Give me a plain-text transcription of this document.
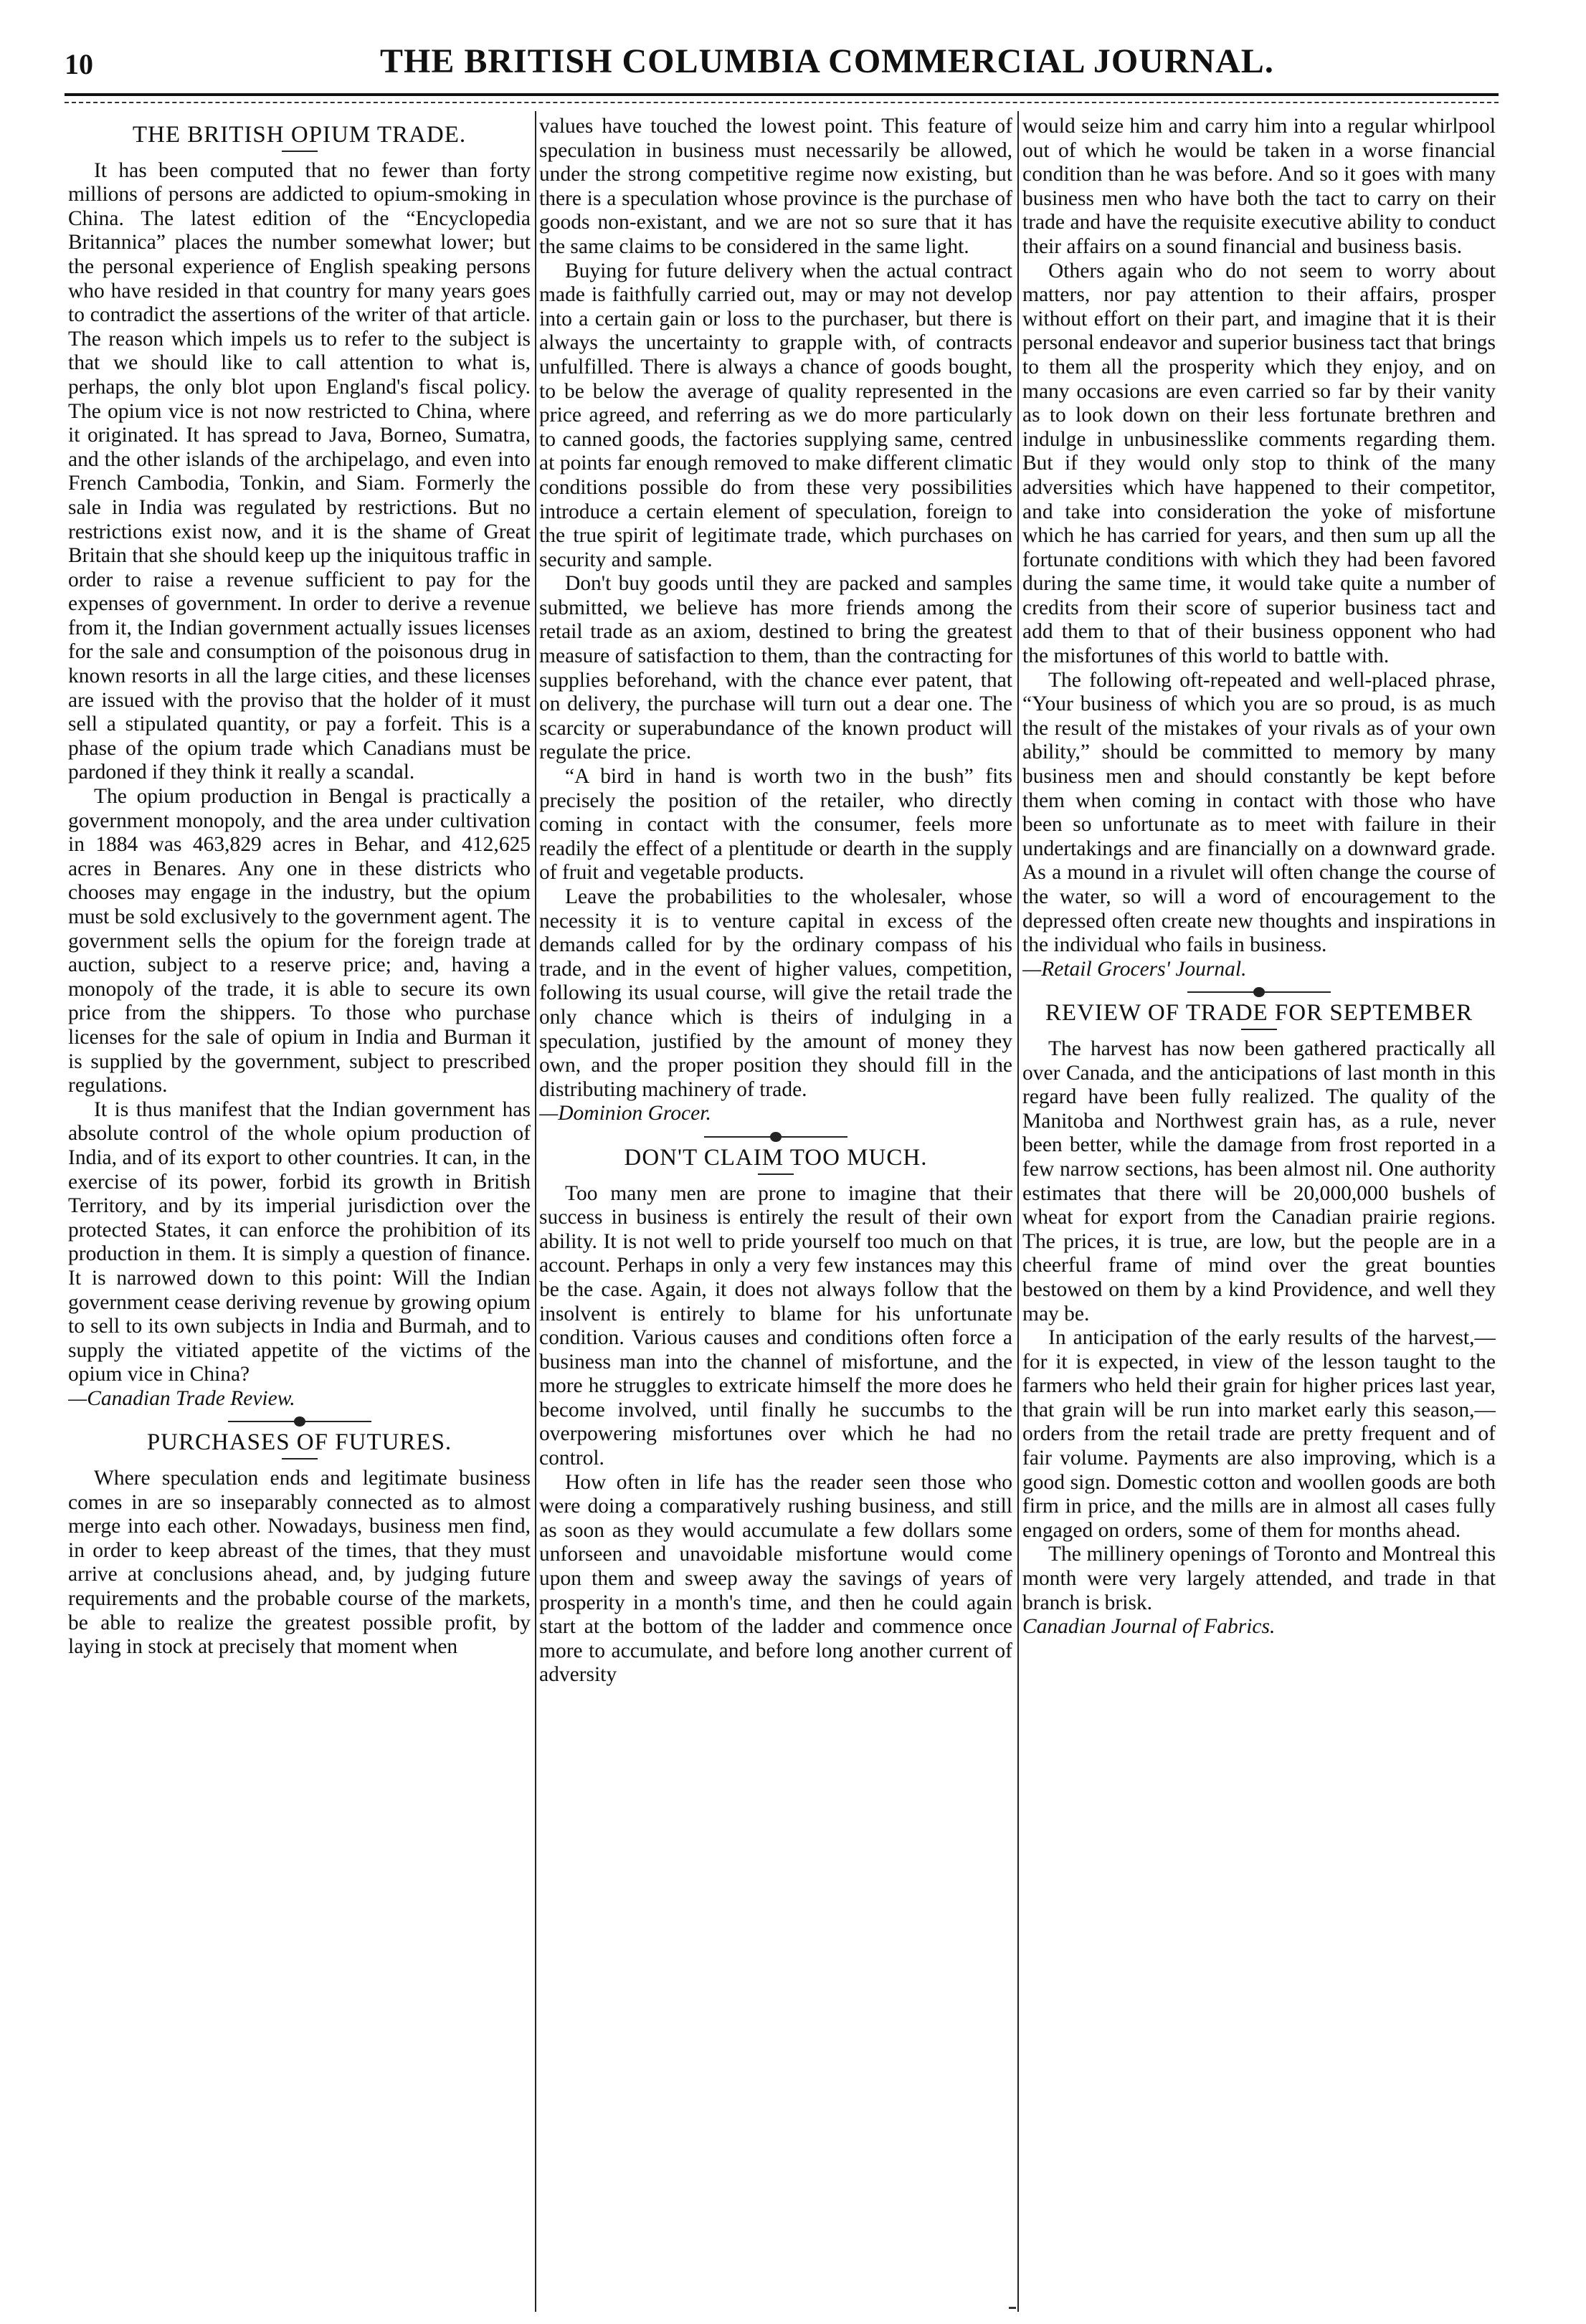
10	THE BRITISH COLUMBIA COMMERCIAL JOURNAL.
THE BRITISH OPIUM TRADE.

It has been computed that no fewer than forty millions of persons are addicted to opium-smoking in China. The latest edition of the “Encyclopedia Britannica” places the number somewhat lower; but the personal experience of English speaking persons who have resided in that country for many years goes to contradict the assertions of the writer of that article. The reason which impels us to refer to the subject is that we should like to call attention to what is, perhaps, the only blot upon England's fiscal policy. The opium vice is not now restricted to China, where it originated. It has spread to Java, Borneo, Sumatra, and the other islands of the archipelago, and even into French Cambodia, Tonkin, and Siam. Formerly the sale in India was regulated by restrictions. But no restrictions exist now, and it is the shame of Great Britain that she should keep up the iniquitous traffic in order to raise a revenue sufficient to pay for the expenses of government. In order to derive a revenue from it, the Indian government actually issues licenses for the sale and consumption of the poisonous drug in known resorts in all the large cities, and these licenses are issued with the proviso that the holder of it must sell a stipulated quantity, or pay a forfeit. This is a phase of the opium trade which Canadians must be pardoned if they think it really a scandal.

The opium production in Bengal is practically a government monopoly, and the area under cultivation in 1884 was 463,829 acres in Behar, and 412,625 acres in Benares. Any one in these districts who chooses may engage in the industry, but the opium must be sold exclusively to the government agent. The government sells the opium for the foreign trade at auction, subject to a reserve price; and, having a monopoly of the trade, it is able to secure its own price from the shippers. To those who purchase licenses for the sale of opium in India and Burman it is supplied by the government, subject to prescribed regulations.

It is thus manifest that the Indian government has absolute control of the whole opium production of India, and of its export to other countries. It can, in the exercise of its power, forbid its growth in British Territory, and by its imperial jurisdiction over the protected States, it can enforce the prohibition of its production in them. It is simply a question of finance. It is narrowed down to this point: Will the Indian government cease deriving revenue by growing opium to sell to its own subjects in India and Burmah, and to supply the vitiated appetite of the victims of the opium vice in China?

—Canadian Trade Review.

PURCHASES OF FUTURES.

Where speculation ends and legitimate business comes in are so inseparably connected as to almost merge into each other. Nowadays, business men find, in order to keep abreast of the times, that they must arrive at conclusions ahead, and, by judging future requirements and the probable course of the markets, be able to realize the greatest possible profit, by laying in stock at precisely that moment when

values have touched the lowest point. This feature of speculation in business must necessarily be allowed, under the strong competitive regime now existing, but there is a speculation whose province is the purchase of goods non-existant, and we are not so sure that it has the same claims to be considered in the same light.

Buying for future delivery when the actual contract made is faithfully carried out, may or may not develop into a certain gain or loss to the purchaser, but there is always the uncertainty to grapple with, of contracts unfulfilled. There is always a chance of goods bought, to be below the average of quality represented in the price agreed, and referring as we do more particularly to canned goods, the factories supplying same, centred at points far enough removed to make different climatic conditions possible do from these very possibilities introduce a certain element of speculation, foreign to the true spirit of legitimate trade, which purchases on security and sample.

Don't buy goods until they are packed and samples submitted, we believe has more friends among the retail trade as an axiom, destined to bring the greatest measure of satisfaction to them, than the contracting for supplies beforehand, with the chance ever patent, that on delivery, the purchase will turn out a dear one. The scarcity or superabundance of the known product will regulate the price.

“A bird in hand is worth two in the bush” fits precisely the position of the retailer, who directly coming in contact with the consumer, feels more readily the effect of a plentitude or dearth in the supply of fruit and vegetable products.

Leave the probabilities to the wholesaler, whose necessity it is to venture capital in excess of the demands called for by the ordinary compass of his trade, and in the event of higher values, competition, following its usual course, will give the retail trade the only chance which is theirs of indulging in a speculation, justified by the amount of money they own, and the proper position they should fill in the distributing machinery of trade.

—Dominion Grocer.

DON'T CLAIM TOO MUCH.

Too many men are prone to imagine that their success in business is entirely the result of their own ability. It is not well to pride yourself too much on that account. Perhaps in only a very few instances may this be the case. Again, it does not always follow that the insolvent is entirely to blame for his unfortunate condition. Various causes and conditions often force a business man into the channel of misfortune, and the more he struggles to extricate himself the more does he become involved, until finally he succumbs to the overpowering misfortunes over which he had no control.

How often in life has the reader seen those who were doing a comparatively rushing business, and still as soon as they would accumulate a few dollars some unforseen and unavoidable misfortune would come upon them and sweep away the savings of years of prosperity in a month's time, and then he could again start at the bottom of the ladder and commence once more to accumulate, and before long another current of adversity

would seize him and carry him into a regular whirlpool out of which he would be taken in a worse financial condition than he was before. And so it goes with many business men who have both the tact to carry on their trade and have the requisite executive ability to conduct their affairs on a sound financial and business basis.

Others again who do not seem to worry about matters, nor pay attention to their affairs, prosper without effort on their part, and imagine that it is their personal endeavor and superior business tact that brings to them all the prosperity which they enjoy, and on many occasions are even carried so far by their vanity as to look down on their less fortunate brethren and indulge in unbusinesslike comments regarding them. But if they would only stop to think of the many adversities which have happened to their competitor, and take into consideration the yoke of misfortune which he has carried for years, and then sum up all the fortunate conditions with which they had been favored during the same time, it would take quite a number of credits from their score of superior business tact and add them to that of their business opponent who had the misfortunes of this world to battle with.

The following oft-repeated and well-placed phrase, “Your business of which you are so proud, is as much the result of the mistakes of your rivals as of your own ability,” should be committed to memory by many business men and should constantly be kept before them when coming in contact with those who have been so unfortunate as to meet with failure in their undertakings and are financially on a downward grade. As a mound in a rivulet will often change the course of the water, so will a word of encouragement to the depressed often create new thoughts and inspirations in the individual who fails in business.

—Retail Grocers' Journal.

REVIEW OF TRADE FOR SEPTEMBER

The harvest has now been gathered practically all over Canada, and the anticipations of last month in this regard have been fully realized. The quality of the Manitoba and Northwest grain has, as a rule, never been better, while the damage from frost reported in a few narrow sections, has been almost nil. One authority estimates that there will be 20,000,000 bushels of wheat for export from the Canadian prairie regions. The prices, it is true, are low, but the people are in a cheerful frame of mind over the great bounties bestowed on them by a kind Providence, and well they may be.

In anticipation of the early results of the harvest,—for it is expected, in view of the lesson taught to the farmers who held their grain for higher prices last year, that grain will be run into market early this season,—orders from the retail trade are pretty frequent and of fair volume. Payments are also improving, which is a good sign. Domestic cotton and woollen goods are both firm in price, and the mills are in almost all cases fully engaged on orders, some of them for months ahead.

The millinery openings of Toronto and Montreal this month were very largely attended, and trade in that branch is brisk.

Canadian Journal of Fabrics.
